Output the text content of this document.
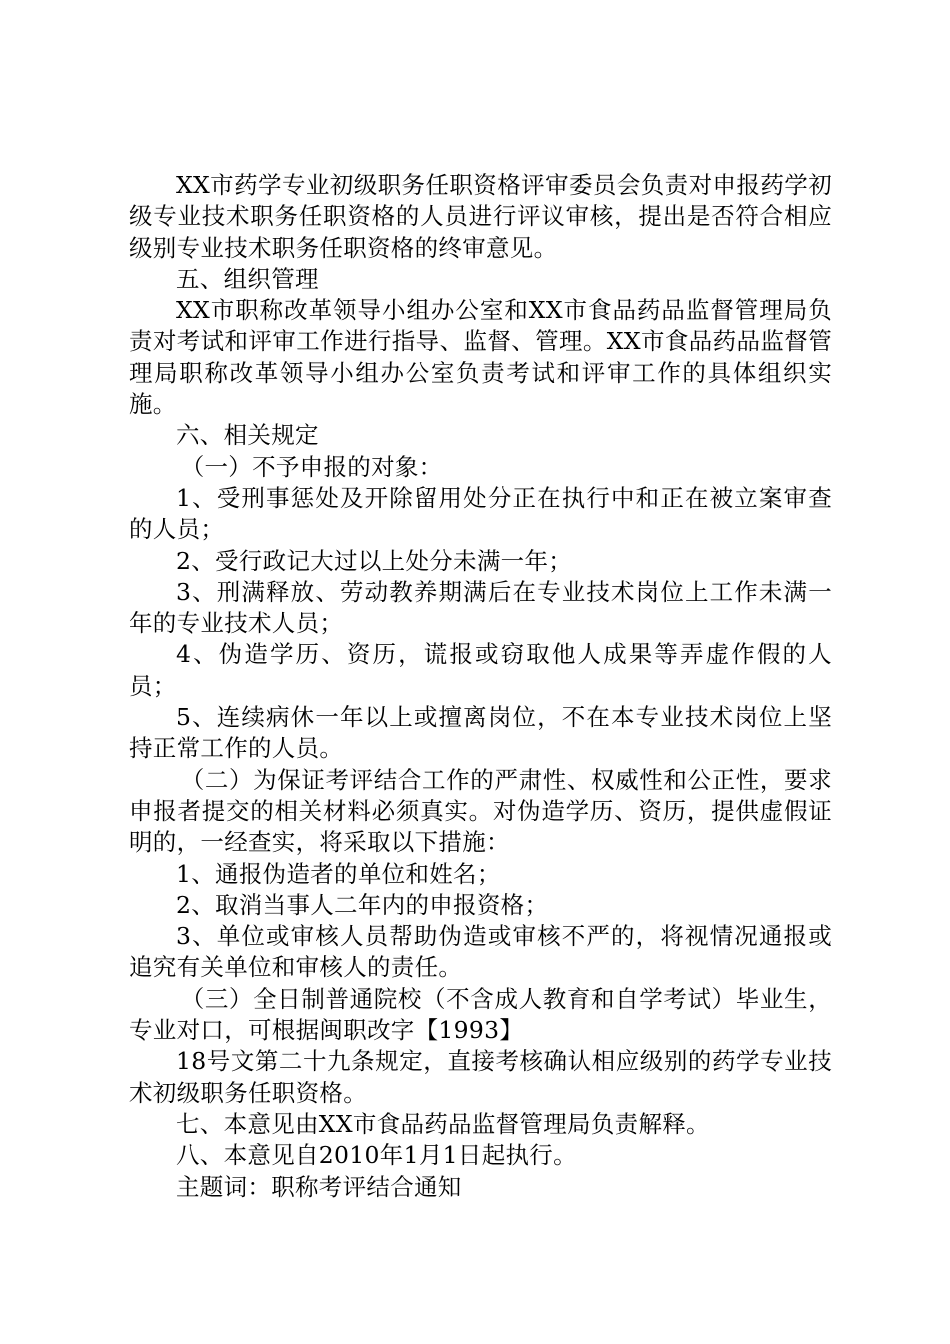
XX市药学专业初级职务任职资格评审委员会负责对申报药学初级专业技术职务任职资格的人员进行评议审核，提出是否符合相应级别专业技术职务任职资格的终审意见。

五、组织管理

XX市职称改革领导小组办公室和XX市食品药品监督管理局负责对考试和评审工作进行指导、监督、管理。XX市食品药品监督管理局职称改革领导小组办公室负责考试和评审工作的具体组织实施。

六、相关规定

（一）不予申报的对象：

1、受刑事惩处及开除留用处分正在执行中和正在被立案审查的人员；

2、受行政记大过以上处分未满一年；

3、刑满释放、劳动教养期满后在专业技术岗位上工作未满一年的专业技术人员；

4、伪造学历、资历，谎报或窃取他人成果等弄虚作假的人员；

5、连续病休一年以上或擅离岗位，不在本专业技术岗位上坚持正常工作的人员。

（二）为保证考评结合工作的严肃性、权威性和公正性，要求申报者提交的相关材料必须真实。对伪造学历、资历，提供虚假证明的，一经查实，将采取以下措施：

1、通报伪造者的单位和姓名；

2、取消当事人二年内的申报资格；

3、单位或审核人员帮助伪造或审核不严的，将视情况通报或追究有关单位和审核人的责任。

（三）全日制普通院校（不含成人教育和自学考试）毕业生，专业对口，可根据闽职改字【1993】

18号文第二十九条规定，直接考核确认相应级别的药学专业技术初级职务任职资格。

七、本意见由XX市食品药品监督管理局负责解释。

八、本意见自2010年1月1日起执行。

主题词：职称考评结合通知
